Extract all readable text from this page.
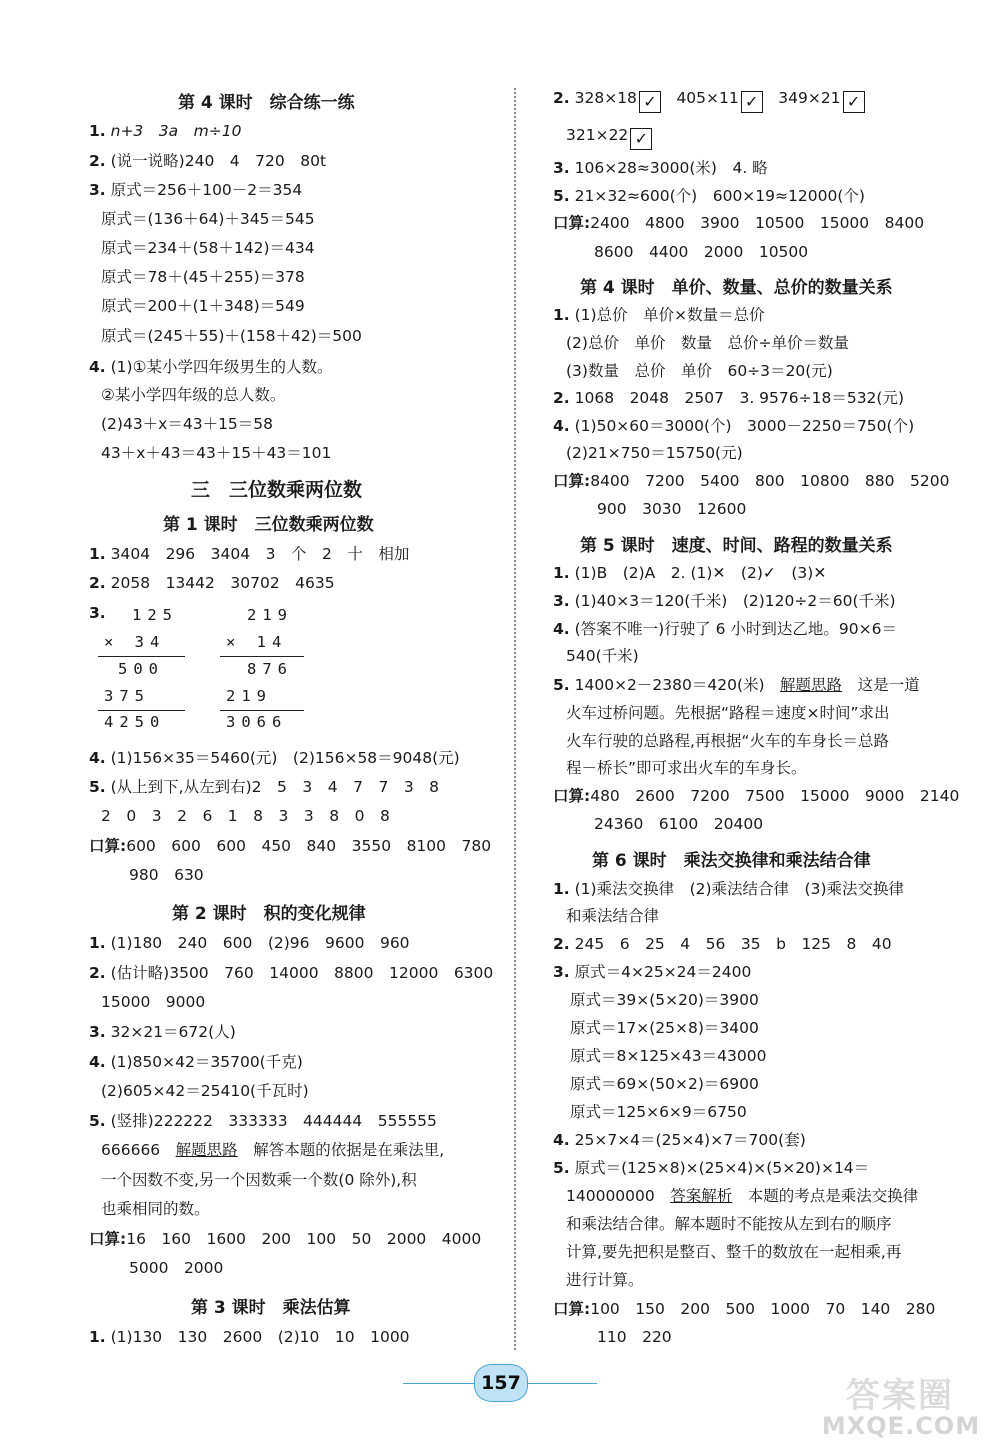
第 4 课时　综合练一练
1. n+3　3a　m÷10
2. (说一说略)240　4　720　80t
3. 原式＝256＋100－2＝354
原式＝(136＋64)＋345＝545
原式＝234＋(58＋142)＝434
原式＝78＋(45＋255)＝378
原式＝200＋(1＋348)＝549
原式＝(245＋55)＋(158＋42)＝500
4. (1)①某小学四年级男生的人数。
②某小学四年级的总人数。
(2)43＋x＝43＋15＝58
43＋x＋43＝43＋15＋43＝101
三　三位数乘两位数
第 1 课时　三位数乘两位数
1. 3404　296　3404　3　个　2　十　相加
2. 2058　13442　30702　4635
3. 125
× 34
500
375
4250
219
× 14
876
219
3066
4. (1)156×35＝5460(元)　(2)156×58＝9048(元)
5. (从上到下,从左到右)2　5　3　4　7　7　3　8
2　0　3　2　6　1　8　3　3　8　0　8
口算:600　600　600　450　840　3550　8100　780
980　630
第 2 课时　积的变化规律
1. (1)180　240　600　(2)96　9600　960
2. (估计略)3500　760　14000　8800　12000　6300
15000　9000
3. 32×21＝672(人)
4. (1)850×42＝35700(千克)
(2)605×42＝25410(千瓦时)
5. (竖排)222222　333333　444444　555555
666666　解题思路　解答本题的依据是在乘法里,
一个因数不变,另一个因数乘一个数(0 除外),积
也乘相同的数。
口算:16　160　1600　200　100　50　2000　4000
5000　2000
第 3 课时　乘法估算
1. (1)130　130　2600　(2)10　10　1000
2. 328×18 ✓　 405×11 ✓　 349×21 ✓
321×22 ✓
3. 106×28≈3000(米)　4. 略
5. 21×32≈600(个)　600×19≈12000(个)
口算:2400　4800　3900　10500　15000　8400
8600　4400　2000　10500
第 4 课时　单价、数量、总价的数量关系
1. (1)总价　单价×数量＝总价
(2)总价　单价　数量　总价÷单价＝数量
(3)数量　总价　单价　60÷3＝20(元)
2. 1068　2048　2507　3. 9576÷18＝532(元)
4. (1)50×60＝3000(个)　3000－2250＝750(个)
(2)21×750＝15750(元)
口算:8400　7200　5400　800　10800　880　5200
900　3030　12600
第 5 课时　速度、时间、路程的数量关系
1. (1)B　(2)A　2. (1)✕　(2)✓　(3)✕
3. (1)40×3＝120(千米)　(2)120÷2＝60(千米)
4. (答案不唯一)行驶了 6 小时到达乙地。90×6＝
540(千米)
5. 1400×2－2380＝420(米)　解题思路　这是一道
火车过桥问题。先根据“路程＝速度×时间”求出
火车行驶的总路程,再根据“火车的车身长＝总路
程－桥长”即可求出火车的车身长。
口算:480　2600　7200　7500　15000　9000　2140
24360　6100　20400
第 6 课时　乘法交换律和乘法结合律
1. (1)乘法交换律　(2)乘法结合律　(3)乘法交换律
和乘法结合律
2. 245　6　25　4　56　35　b　125　8　40
3. 原式＝4×25×24＝2400
原式＝39×(5×20)＝3900
原式＝17×(25×8)＝3400
原式＝8×125×43＝43000
原式＝69×(50×2)＝6900
原式＝125×6×9＝6750
4. 25×7×4＝(25×4)×7＝700(套)
5. 原式＝(125×8)×(25×4)×(5×20)×14＝
140000000　答案解析　本题的考点是乘法交换律
和乘法结合律。解本题时不能按从左到右的顺序
计算,要先把积是整百、整千的数放在一起相乘,再
进行计算。
口算:100　150　200　500　1000　70　140　280
110　220
157	答案圈
MXQE.COM
